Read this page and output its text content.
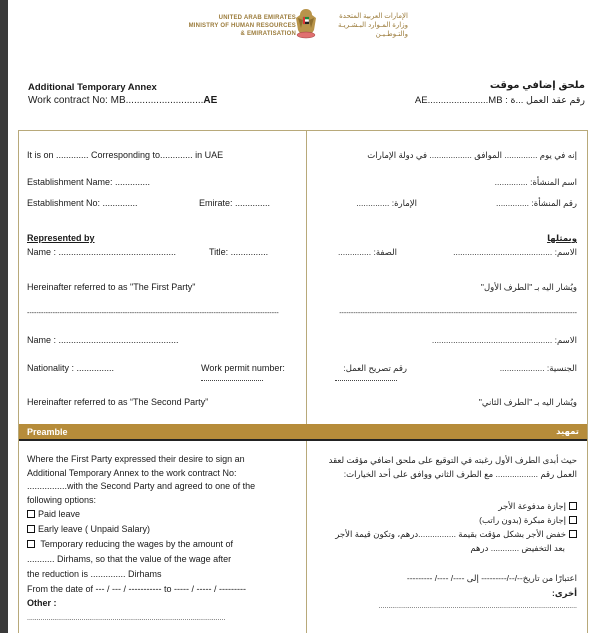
UNITED ARAB EMIRATES
MINISTRY OF HUMAN RESOURCES
& EMIRATISATION
الإمارات العربية المتحدة
وزارة المـوارد البـشـريـة
والتـوطـيـن
Additional Temporary Annex
Work contract No: MB............................AE
ملحق إضافي موقت
رقم عقد العمل ...ة : AE.......................MB
It is on ............. Corresponding to............. in UAE
Establishment Name: ..............
Establishment No: ..............	Emirate: ..............
Represented by
Name : ...............................................	Title: ...............
Hereinafter referred to as "The First Party"
------------------------------------------------------------------------------------------------------------
Name : ................................................
Nationality : ...............	Work permit number:
Hereinafter referred to as “The Second Party”
إنه في يوم .............. الموافق .................. في دولة الإمارات
اسم المنشأة: ..............
رقم المنشأة: ..............
الإمارة: ..............
ويمثلها
الاسم: ..........................................
الصفة: ..............
ويُشار اليه بـ "الطرف الأول"
------------------------------------------------------------------------------------------------------
الاسم: ...................................................
الجنسية: ...................
رقم تصريح العمل:
ويُشار اليه بـ "الطرف الثاني"
Preamble	تمهيد
Where the First Party expressed their desire to sign an
Additional Temporary Annex to the work contract No:
................with the Second Party and agreed to one of the
following options:
Paid leave
Early leave ( Unpaid Salary)
Temporary reducing the wages by the amount of
........... Dirhams, so that the value of the wage after
the reduction is .............. Dirhams
From the date of --- / --- / ----------- to ----- / ----- / ---------
Other :
......................................................................................................
حيث أبدى الطرف الأول رغبته في التوقيع على ملحق اضافي مؤقت لعقد
العمل رقم .................. مع الطرف الثاني ووافق على أحد الخيارات:
إجازة مدفوعة الأجر
إجازة مبكرة (بدون راتب)
خفض الأجر بشكل مؤقت بقيمة ................درهم، وتكون قيمة الأجر
بعد التخفيض ............ درهم
اعتبارًا من تاريخ--/--/--------- إلى ----/ ----/ ---------
أخرى:
......................................................................................................
